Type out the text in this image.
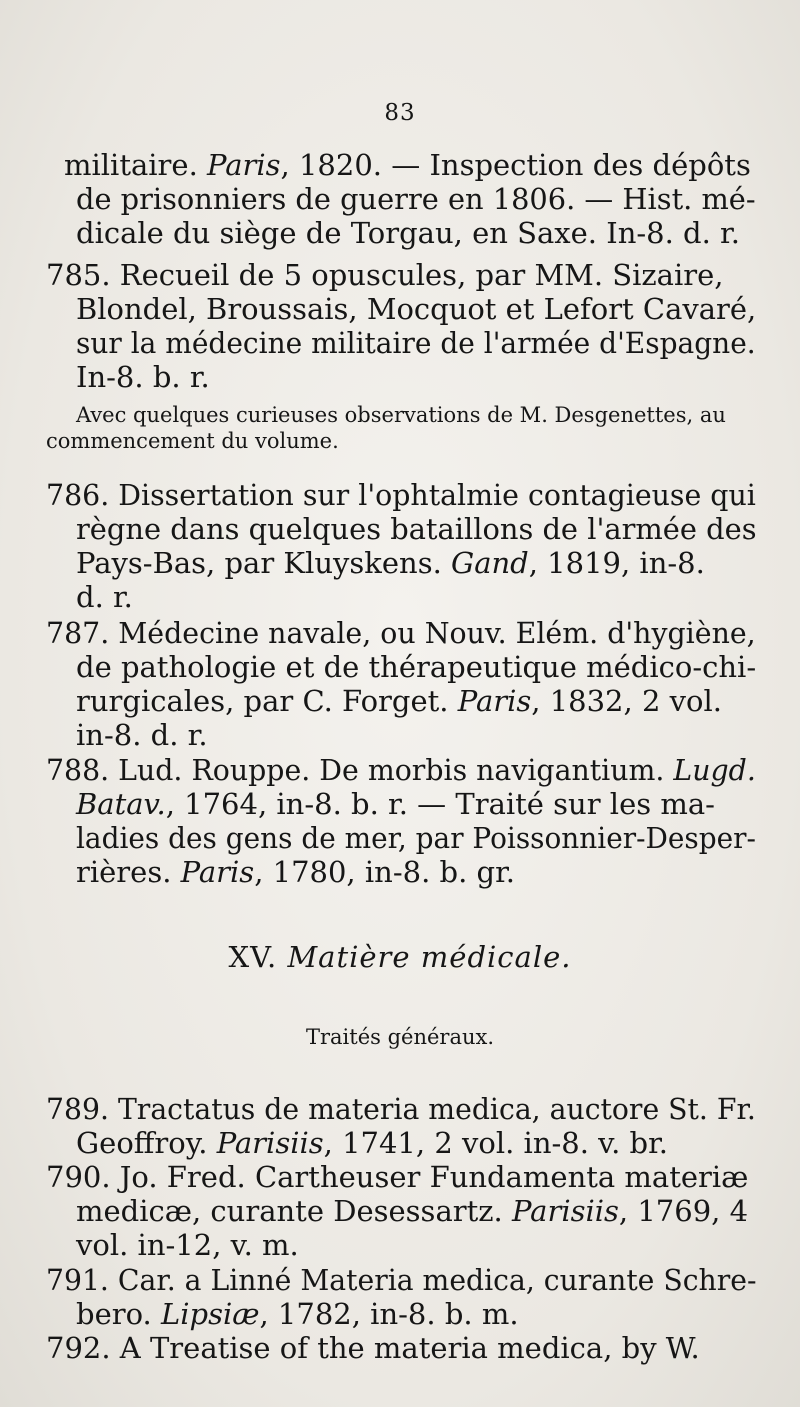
83
militaire. Paris, 1820. — Inspection des dépôts
de prisonniers de guerre en 1806. — Hist. mé-
dicale du siège de Torgau, en Saxe. In-8. d. r.
785. Recueil de 5 opuscules, par MM. Sizaire,
Blondel, Broussais, Mocquot et Lefort Cavaré,
sur la médecine militaire de l'armée d'Espagne.
In-8. b. r.
Avec quelques curieuses observations de M. Desgenettes, au
commencement du volume.
786. Dissertation sur l'ophtalmie contagieuse qui
règne dans quelques bataillons de l'armée des
Pays-Bas, par Kluyskens. Gand, 1819, in-8.
d. r.
787. Médecine navale, ou Nouv. Elém. d'hygiène,
de pathologie et de thérapeutique médico-chi-
rurgicales, par C. Forget. Paris, 1832, 2 vol.
in-8. d. r.
788. Lud. Rouppe. De morbis navigantium. Lugd.
Batav., 1764, in-8. b. r. — Traité sur les ma-
ladies des gens de mer, par Poissonnier-Desper-
rières. Paris, 1780, in-8. b. gr.
XV. Matière médicale.
Traités généraux.
789. Tractatus de materia medica, auctore St. Fr.
Geoffroy. Parisiis, 1741, 2 vol. in-8. v. br.
790. Jo. Fred. Cartheuser Fundamenta materiæ
medicæ, curante Desessartz. Parisiis, 1769, 4
vol. in-12, v. m.
791. Car. a Linné Materia medica, curante Schre-
bero. Lipsiæ, 1782, in-8. b. m.
792. A Treatise of the materia medica, by W.
